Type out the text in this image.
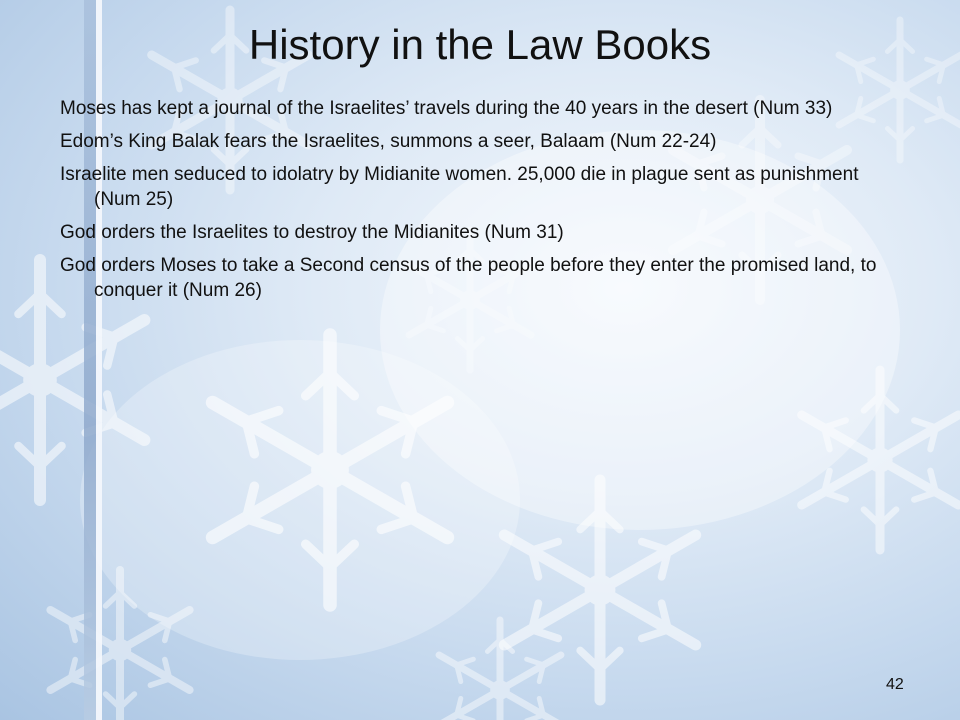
History in the Law Books
Moses has kept a journal of the Israelites’ travels during the 40 years in the desert (Num 33)
Edom’s King Balak fears the Israelites, summons a seer, Balaam (Num 22-24)
Israelite men seduced to idolatry by Midianite women. 25,000 die in plague sent as punishment (Num 25)
God orders the Israelites to destroy the Midianites (Num 31)
God orders Moses to take a Second census of the people before they enter the promised land, to conquer it (Num 26)
42
